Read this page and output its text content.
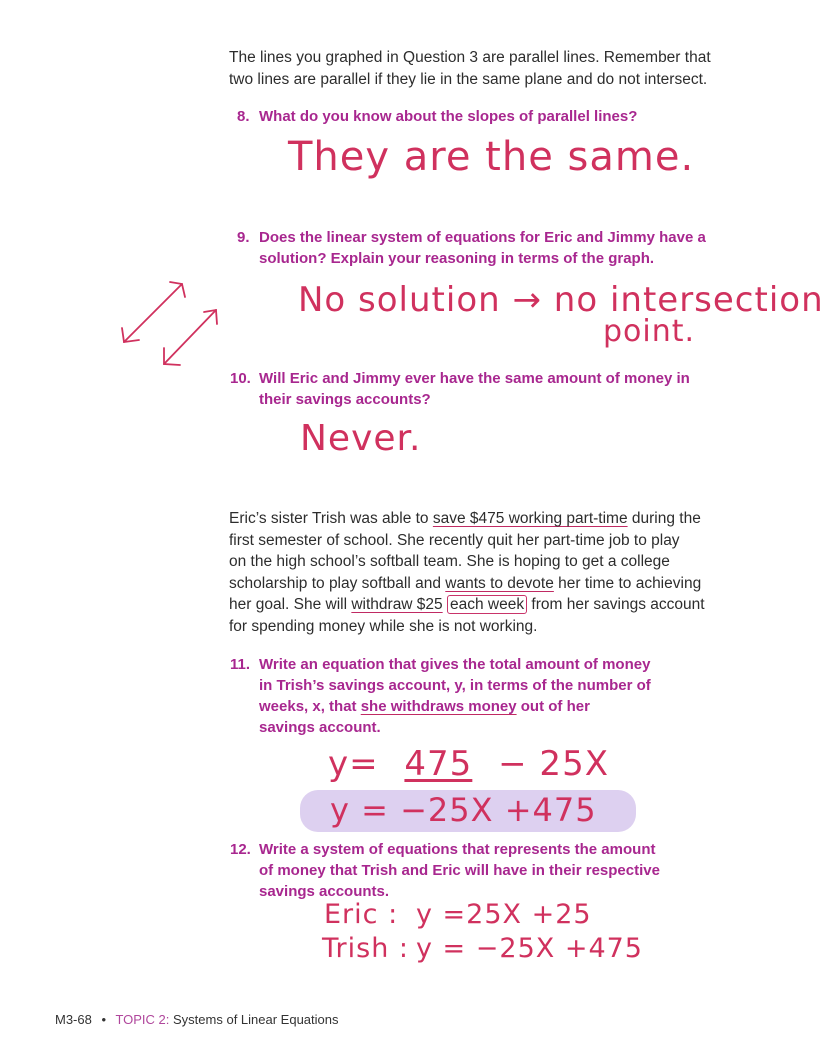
The lines you graphed in Question 3 are parallel lines. Remember that
two lines are parallel if they lie in the same plane and do not intersect.
8. What do you know about the slopes of parallel lines?
They are the same.
9. Does the linear system of equations for Eric and Jimmy have a
solution? Explain your reasoning in terms of the graph.
No solution → no intersection
point.
10. Will Eric and Jimmy ever have the same amount of money in
their savings accounts?
Never.
Eric’s sister Trish was able to save $475 working part-time during the
first semester of school. She recently quit her part-time job to play
on the high school’s softball team. She is hoping to get a college
scholarship to play softball and wants to devote her time to achieving
her goal. She will withdraw $25 each week from her savings account
for spending money while she is not working.
11. Write an equation that gives the total amount of money
in Trish’s savings account, y, in terms of the number of
weeks, x, that she withdraws money out of her
savings account.
y= 475 − 25X
y = −25X +475
12. Write a system of equations that represents the amount
of money that Trish and Eric will have in their respective
savings accounts.
Eric : y =25X +25
Trish : y = −25X +475
M3-68 • TOPIC 2: Systems of Linear Equations
